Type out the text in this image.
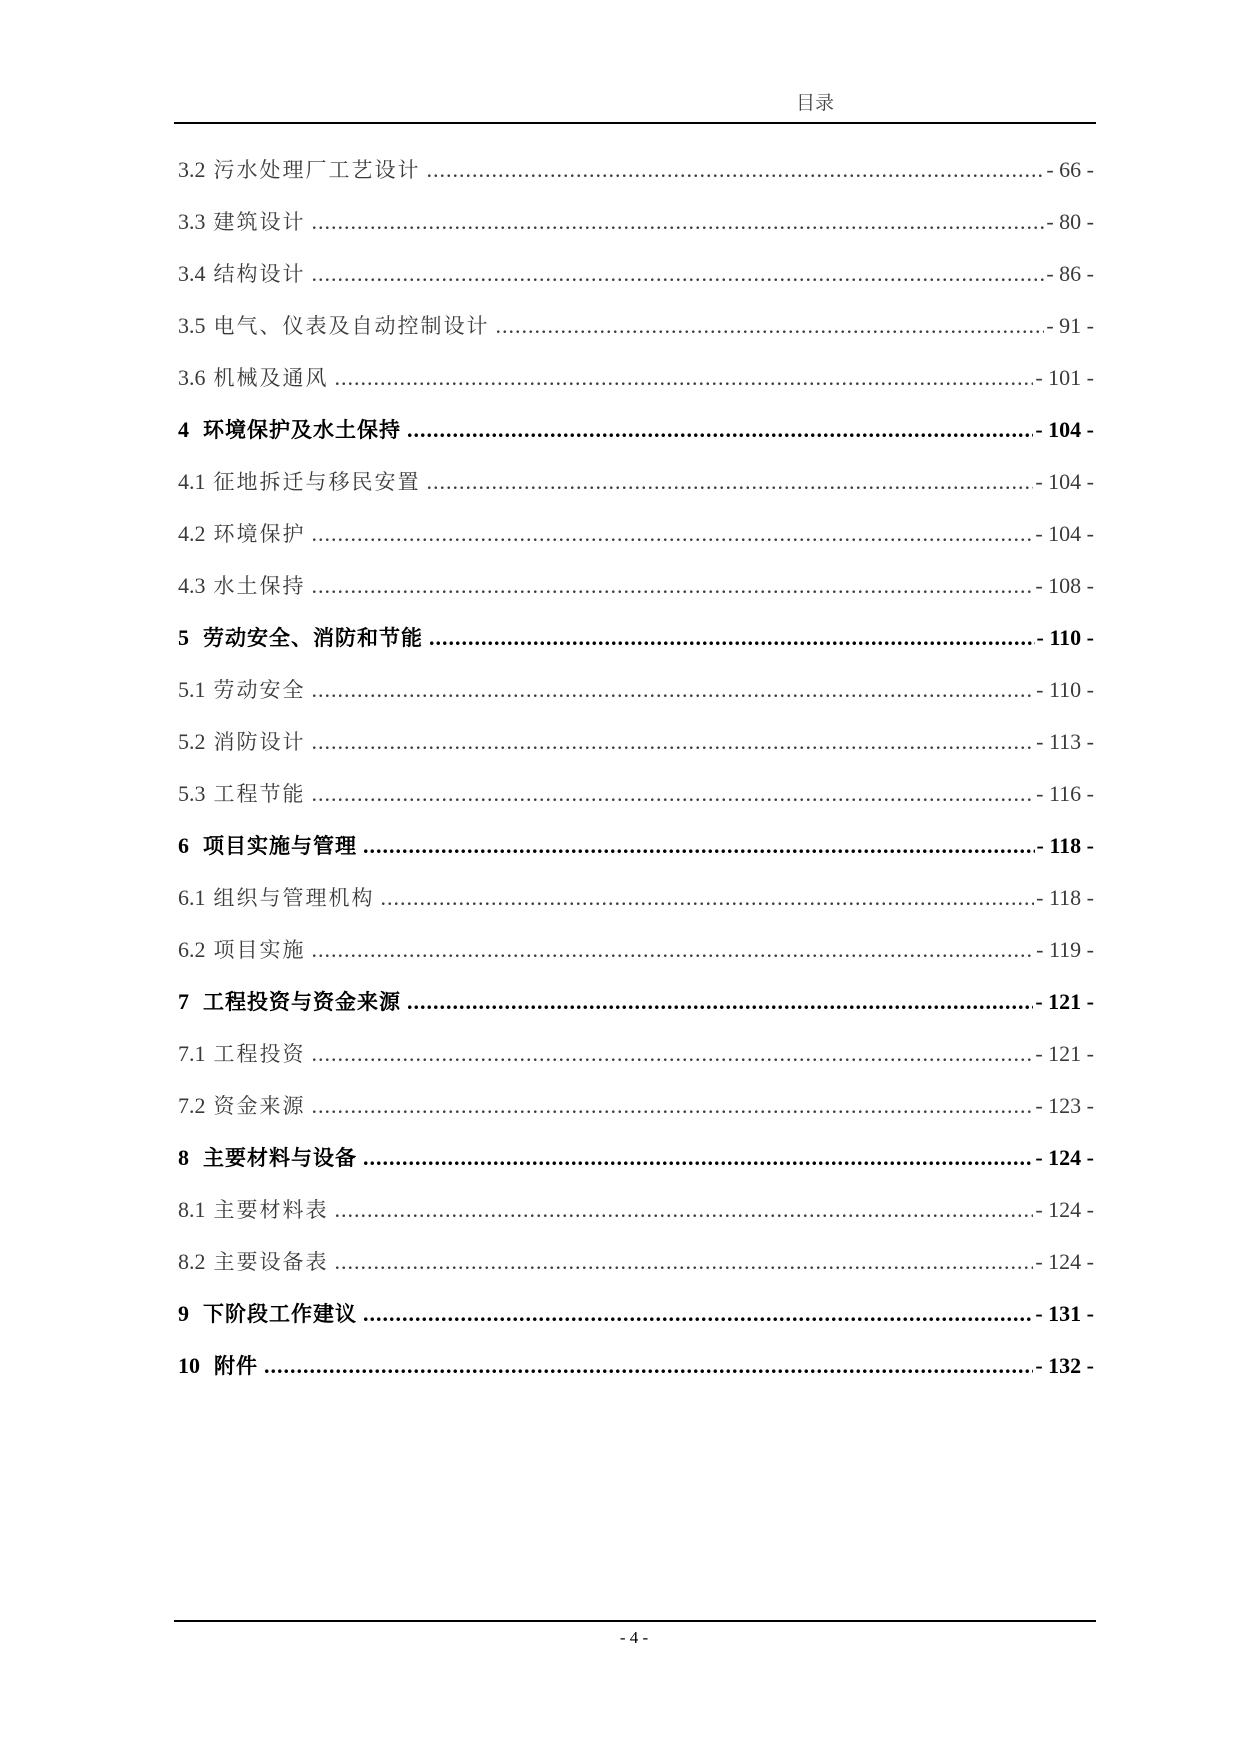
目录
3.2 污水处理厂工艺设计 .....	- 66 -
3.3 建筑设计 .....	- 80 -
3.4 结构设计 .....	- 86 -
3.5 电气、仪表及自动控制设计 .....	- 91 -
3.6 机械及通风 .....	- 101 -
4 环境保护及水土保持 .....	- 104 -
4.1 征地拆迁与移民安置 .....	- 104 -
4.2 环境保护 .....	- 104 -
4.3 水土保持 .....	- 108 -
5 劳动安全、消防和节能 .....	- 110 -
5.1 劳动安全 .....	- 110 -
5.2 消防设计 .....	- 113 -
5.3 工程节能 .....	- 116 -
6 项目实施与管理 .....	- 118 -
6.1 组织与管理机构 .....	- 118 -
6.2 项目实施 .....	- 119 -
7 工程投资与资金来源 .....	- 121 -
7.1 工程投资 .....	- 121 -
7.2 资金来源 .....	- 123 -
8 主要材料与设备 .....	- 124 -
8.1 主要材料表 .....	- 124 -
8.2 主要设备表 .....	- 124 -
9 下阶段工作建议 .....	- 131 -
10 附件 .....	- 132 -
- 4 -
